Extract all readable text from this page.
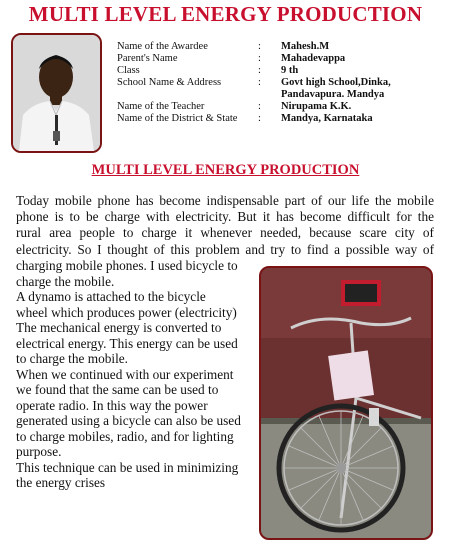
MULTI LEVEL ENERGY PRODUCTION
Name of the Awardee	: Mahesh.M
Parent's Name	: Mahadevappa
Class	: 9 th
School Name & Address	: Govt high School,Dinka,
Pandavapura. Mandya
Name of the Teacher	: Nirupama K.K.
Name of the District & State : Mandya, Karnataka
MULTI LEVEL ENERGY PRODUCTION
Today mobile phone has become indispensable part of our life the mobile
phone is to be charge with electricity. But it has become difficult for the
rural area people to charge it whenever needed, because scare city of
electricity. So I thought of this problem and try to find a possible way of
charging mobile phones. I used bicycle to
charge the mobile.
A dynamo is attached to the bicycle
wheel which produces power (electricity)
The mechanical energy is converted to
electrical energy. This energy can be used
to charge the mobile.
When we continued with our experiment
we found that the same can be used to
operate radio. In this way the power
generated using a bicycle can also be used
to charge mobiles, radio, and for lighting
purpose.
This technique can be used in minimizing
the energy crises
